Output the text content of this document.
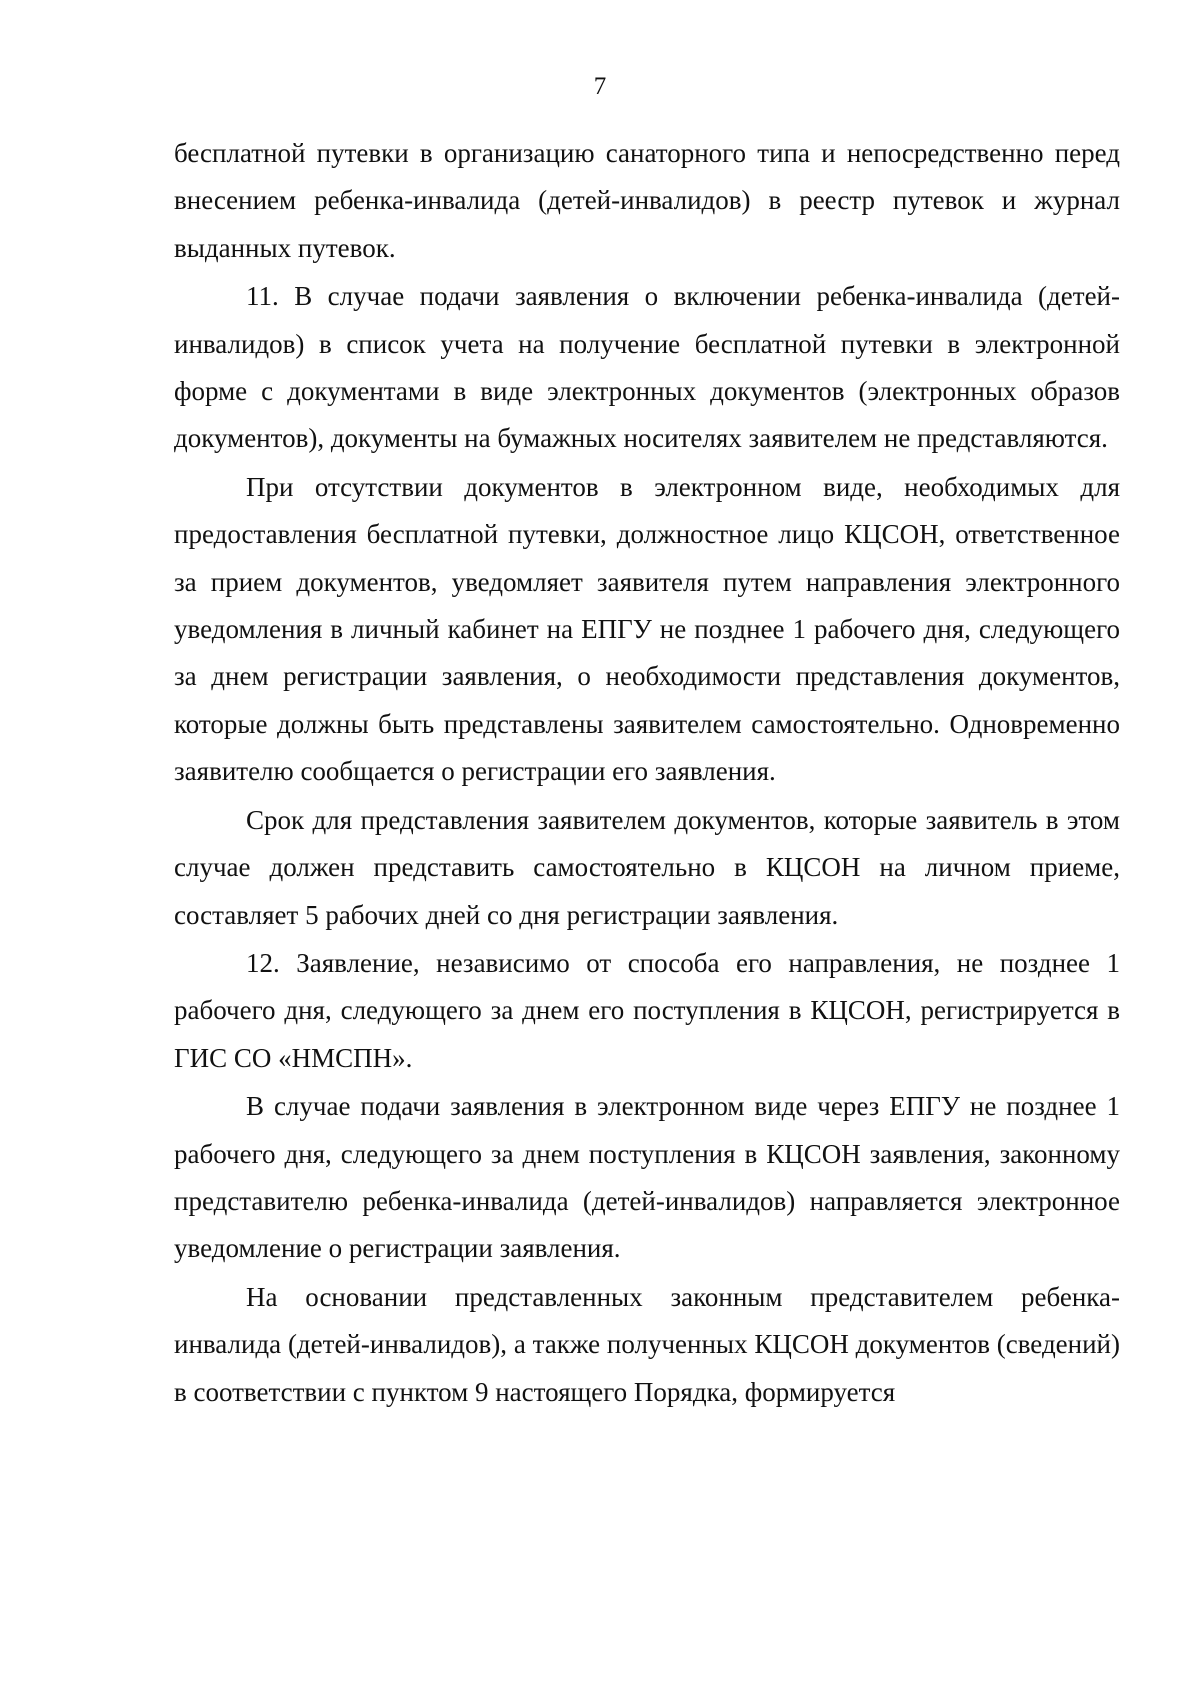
7

бесплатной путевки в организацию санаторного типа и непосредственно перед внесением ребенка-инвалида (детей-инвалидов) в реестр путевок и журнал выданных путевок.

11. В случае подачи заявления о включении ребенка-инвалида (детей-инвалидов) в список учета на получение бесплатной путевки в электронной форме с документами в виде электронных документов (электронных образов документов), документы на бумажных носителях заявителем не представляются.

При отсутствии документов в электронном виде, необходимых для предоставления бесплатной путевки, должностное лицо КЦСОН, ответственное за прием документов, уведомляет заявителя путем направления электронного уведомления в личный кабинет на ЕПГУ не позднее 1 рабочего дня, следующего за днем регистрации заявления, о необходимости представления документов, которые должны быть представлены заявителем самостоятельно. Одновременно заявителю сообщается о регистрации его заявления.

Срок для представления заявителем документов, которые заявитель в этом случае должен представить самостоятельно в КЦСОН на личном приеме, составляет 5 рабочих дней со дня регистрации заявления.

12. Заявление, независимо от способа его направления, не позднее 1 рабочего дня, следующего за днем его поступления в КЦСОН, регистрируется в ГИС СО «НМСПН».

В случае подачи заявления в электронном виде через ЕПГУ не позднее 1 рабочего дня, следующего за днем поступления в КЦСОН заявления, законному представителю ребенка-инвалида (детей-инвалидов) направляется электронное уведомление о регистрации заявления.

На основании представленных законным представителем ребенка-инвалида (детей-инвалидов), а также полученных КЦСОН документов (сведений) в соответствии с пунктом 9 настоящего Порядка, формируется
